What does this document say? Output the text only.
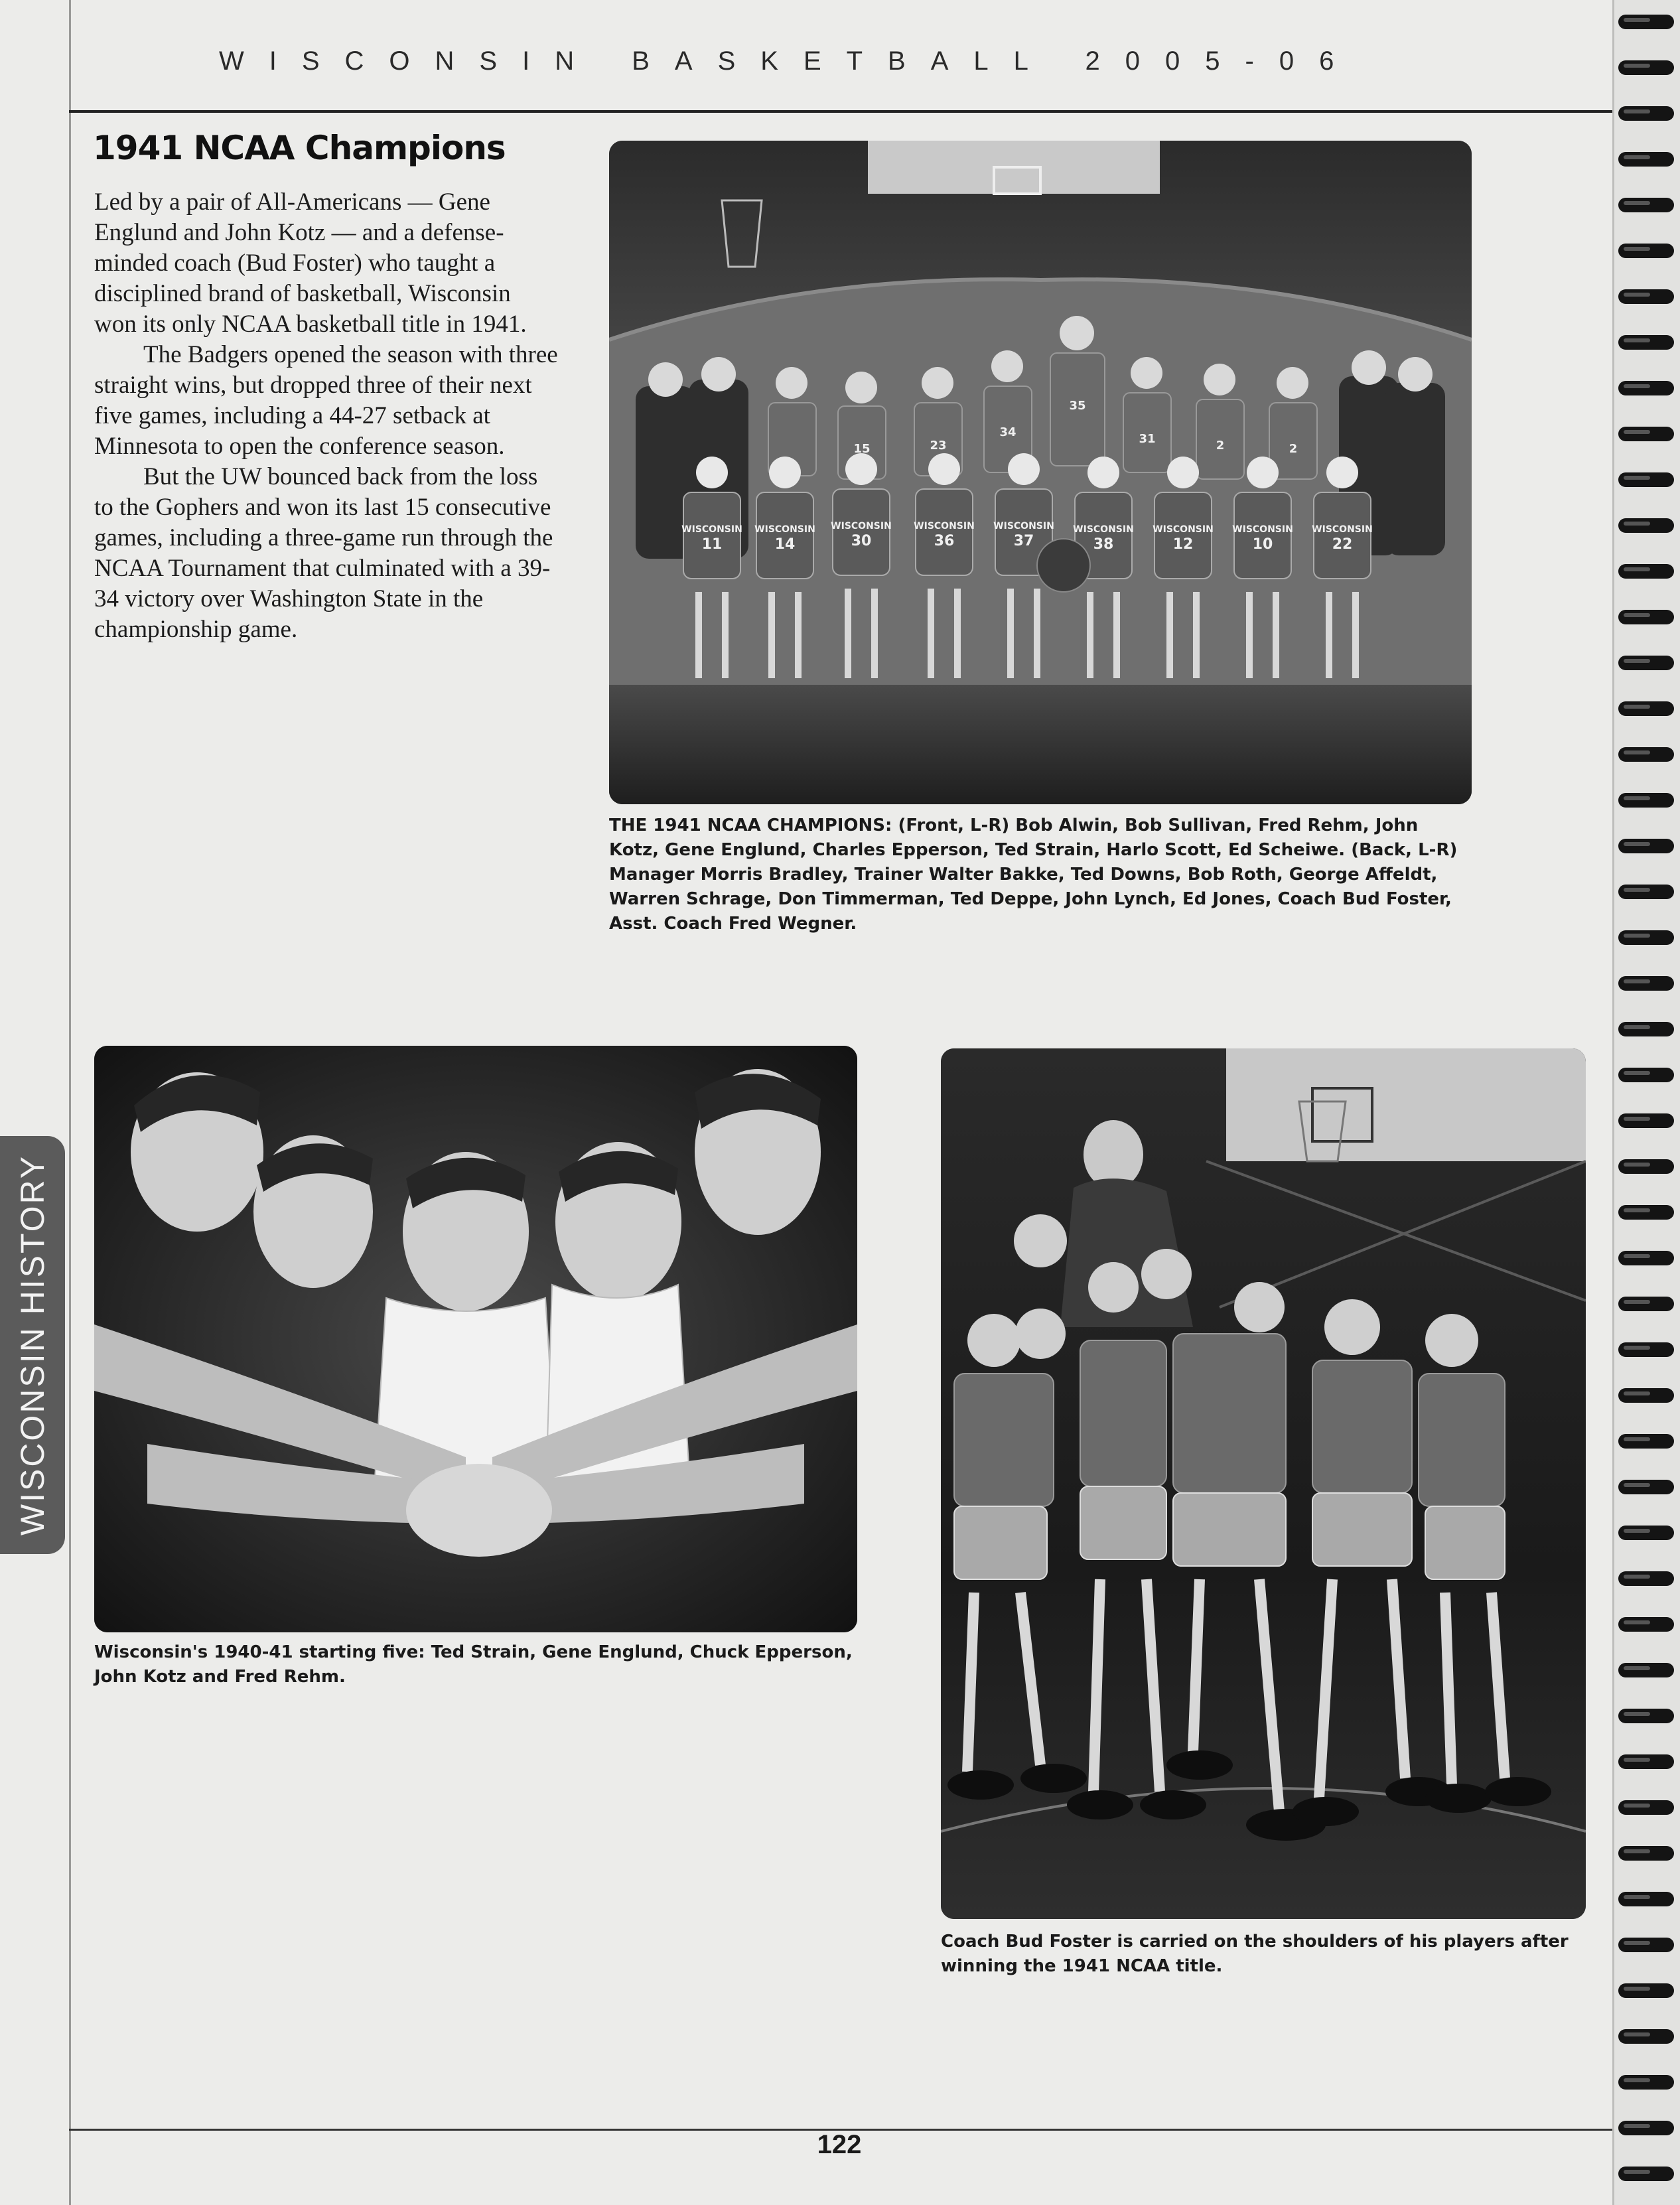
WISCONSIN BASKETBALL 2005-06
WISCONSIN HISTORY
1941 NCAA Champions

Led by a pair of All-Americans — Gene Englund and John Kotz — and a defense-minded coach (Bud Foster) who taught a disciplined brand of basketball, Wisconsin won its only NCAA basketball title in 1941.

The Badgers opened the season with three straight wins, but dropped three of their next five games, including a 44-27 setback at Minnesota to open the conference season.

But the UW bounced back from the loss to the Gophers and won its last 15 consecutive games, including a three-game run through the NCAA Tournament that culminated with a 39-34 victory over Washington State in the championship game.

11	14	30	36	37	38	12	10	22
WISCONSIN WISCONSIN WISCONSIN WISCONSIN WISCONSIN WISCONSIN WISCONSIN WISCONSIN WISCONSIN
15	23
34
35
31	2	2
THE 1941 NCAA CHAMPIONS: (Front, L-R) Bob Alwin, Bob Sullivan, Fred Rehm, John Kotz, Gene Englund, Charles Epperson, Ted Strain, Harlo Scott, Ed Scheiwe. (Back, L-R) Manager Morris Bradley, Trainer Walter Bakke, Ted Downs, Bob Roth, George Affeldt, Warren Schrage, Don Timmerman, Ted Deppe, John Lynch, Ed Jones, Coach Bud Foster, Asst. Coach Fred Wegner.
Wisconsin's 1940-41 starting five: Ted Strain, Gene Englund, Chuck Epperson, John Kotz and Fred Rehm.
Coach Bud Foster is carried on the shoulders of his players after winning the 1941 NCAA title.
122
